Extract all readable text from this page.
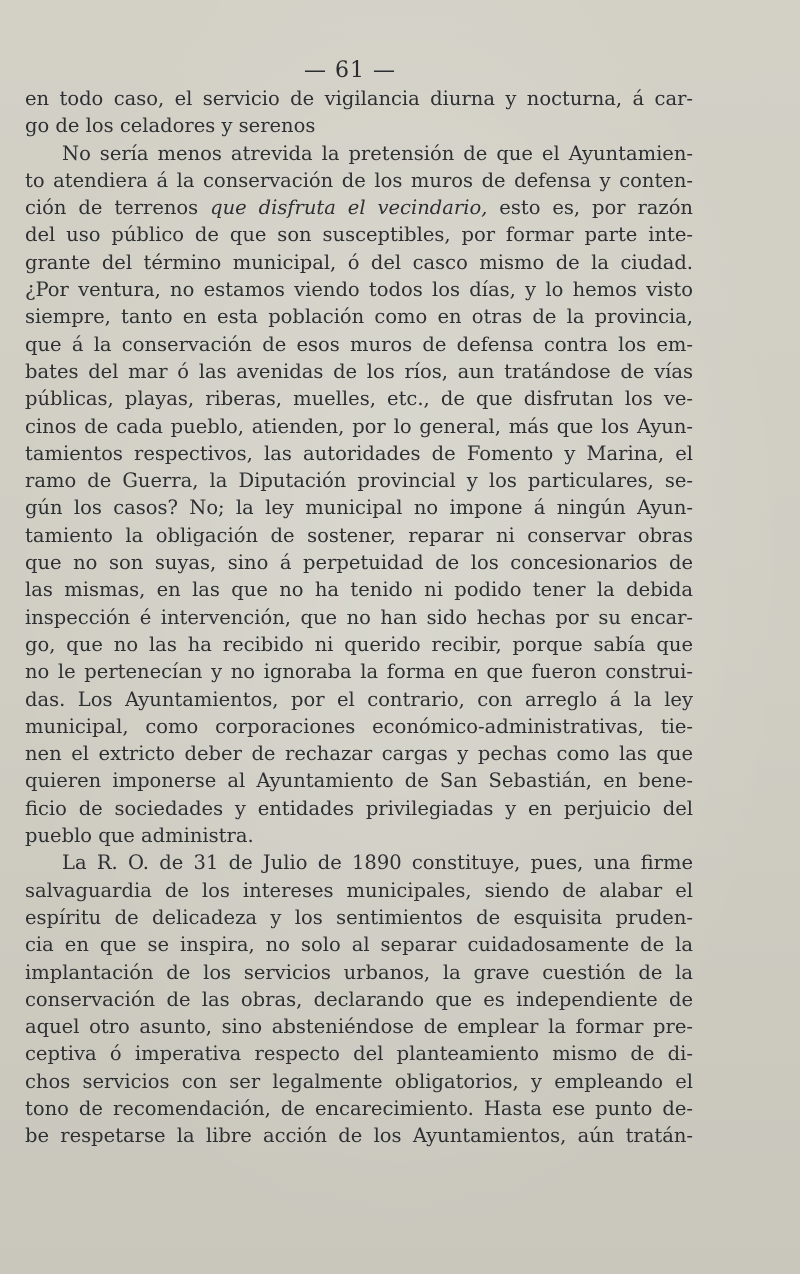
— 61 —
en todo caso, el servicio de vigilancia diurna y nocturna, á car-
go de los celadores y serenos
No sería menos atrevida la pretensión de que el Ayuntamien-
to atendiera á la conservación de los muros de defensa y conten-
ción de terrenos que disfruta el vecindario, esto es, por razón
del uso público de que son susceptibles, por formar parte inte-
grante del término municipal, ó del casco mismo de la ciudad.
¿Por ventura, no estamos viendo todos los días, y lo hemos visto
siempre, tanto en esta población como en otras de la provincia,
que á la conservación de esos muros de defensa contra los em-
bates del mar ó las avenidas de los ríos, aun tratándose de vías
públicas, playas, riberas, muelles, etc., de que disfrutan los ve-
cinos de cada pueblo, atienden, por lo general, más que los Ayun-
tamientos respectivos, las autoridades de Fomento y Marina, el
ramo de Guerra, la Diputación provincial y los particulares, se-
gún los casos? No; la ley municipal no impone á ningún Ayun-
tamiento la obligación de sostener, reparar ni conservar obras
que no son suyas, sino á perpetuidad de los concesionarios de
las mismas, en las que no ha tenido ni podido tener la debida
inspección é intervención, que no han sido hechas por su encar-
go, que no las ha recibido ni querido recibir, porque sabía que
no le pertenecían y no ignoraba la forma en que fueron construi-
das. Los Ayuntamientos, por el contrario, con arreglo á la ley
municipal, como corporaciones económico-administrativas, tie-
nen el extricto deber de rechazar cargas y pechas como las que
quieren imponerse al Ayuntamiento de San Sebastián, en bene-
ficio de sociedades y entidades privilegiadas y en perjuicio del
pueblo que administra.
La R. O. de 31 de Julio de 1890 constituye, pues, una firme
salvaguardia de los intereses municipales, siendo de alabar el
espíritu de delicadeza y los sentimientos de esquisita pruden-
cia en que se inspira, no solo al separar cuidadosamente de la
implantación de los servicios urbanos, la grave cuestión de la
conservación de las obras, declarando que es independiente de
aquel otro asunto, sino absteniéndose de emplear la formar pre-
ceptiva ó imperativa respecto del planteamiento mismo de di-
chos servicios con ser legalmente obligatorios, y empleando el
tono de recomendación, de encarecimiento. Hasta ese punto de-
be respetarse la libre acción de los Ayuntamientos, aún tratán-
